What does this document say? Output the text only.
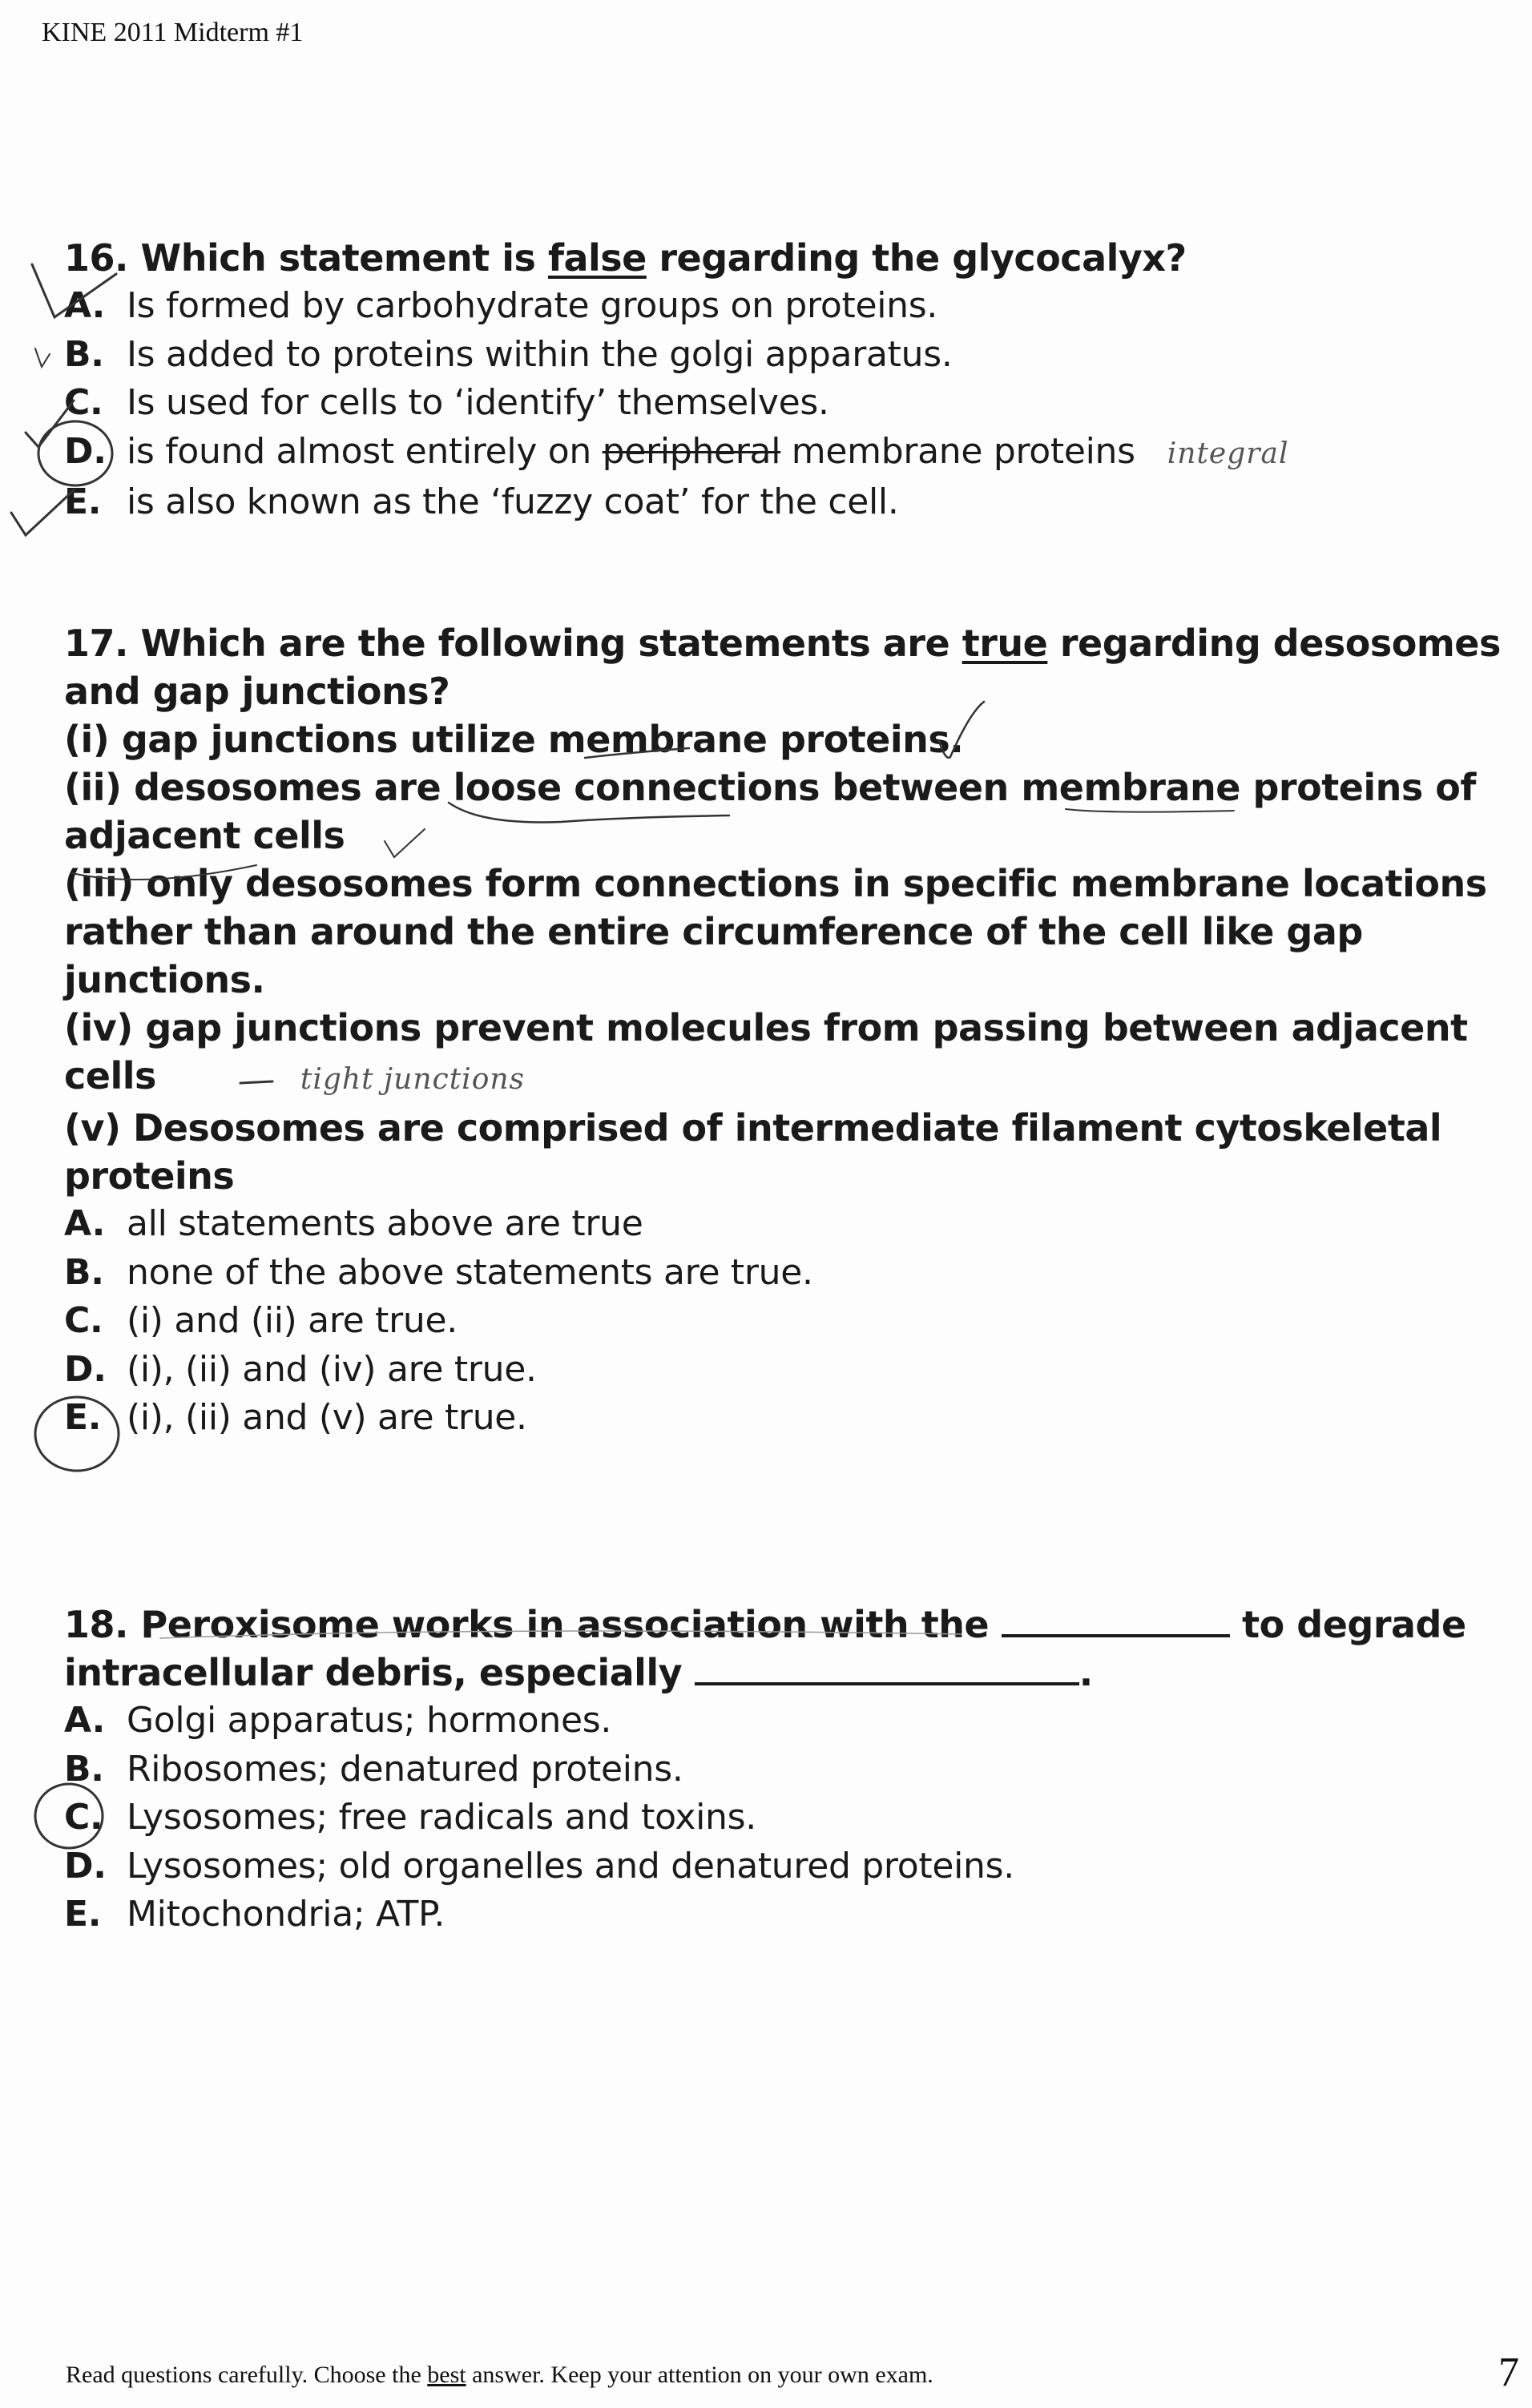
KINE 2011 Midterm #1
16. Which statement is false regarding the glycocalyx?
A. Is formed by carbohydrate groups on proteins.
B. Is added to proteins within the golgi apparatus.
C. Is used for cells to ‘identify’ themselves.
D. is found almost entirely on peripheral membrane proteins integral
E. is also known as the ‘fuzzy coat’ for the cell.
17. Which are the following statements are true regarding desosomes
and gap junctions?
(i) gap junctions utilize membrane proteins.
(ii) desosomes are loose connections between membrane proteins of
adjacent cells
(iii) only desosomes form connections in specific membrane locations
rather than around the entire circumference of the cell like gap
junctions.
(iv) gap junctions prevent molecules from passing between adjacent
cells	tight junctions
(v) Desosomes are comprised of intermediate filament cytoskeletal
proteins
A. all statements above are true
B. none of the above statements are true.
C. (i) and (ii) are true.
D. (i), (ii) and (iv) are true.
E. (i), (ii) and (v) are true.
18. Peroxisome works in association with the	to degrade
intracellular debris, especially	.
A. Golgi apparatus; hormones.
B. Ribosomes; denatured proteins.
C. Lysosomes; free radicals and toxins.
D. Lysosomes; old organelles and denatured proteins.
E. Mitochondria; ATP.
Read questions carefully. Choose the best answer. Keep your attention on your own exam.	7
